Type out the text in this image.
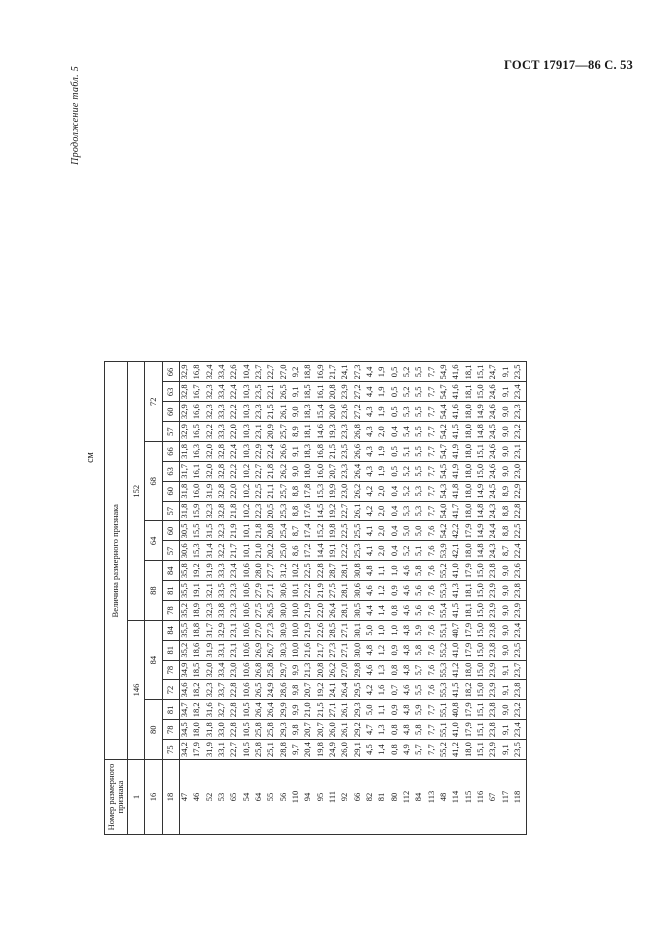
ГОСТ 17917—86 С. 53
Продолжение табл. 5
см
Номер размерного признака	Величина размерного признака																			
1	146							152												
16	80			84				88			64		68				72			
18	75	78	81	72	78	81	84	78	81	84	57	60	57	60	63	66	57	60	63	66
47	34,2	34,5	34,7	34,6	34,9	35,2	35,5	35,2	35,5	35,8	30,6	30,5	31,8	31,8	31,7	31,8	32,9	32,9	32,8	32,9
46	17,9	18,0	18,2	18,2	18,5	18,6	18,8	18,9	19,1	19,2	15,3	15,5	15,9	16,0	16,1	16,3	16,5	16,6	16,7	16,8
52	31,9	31,8	31,6	32,3	32,0	31,9	31,7	32,3	32,1	31,9	31,4	31,5	32,3	31,9	32,0	32,0	32,2	32,3	32,3	32,4
53	33,1	33,0	32,7	33,7	33,4	33,1	32,9	33,8	33,5	33,3	32,2	32,3	32,8	32,8	32,8	32,8	33,3	33,3	33,4	33,4
65	22,7	22,8	22,8	22,8	23,0	23,1	23,1	23,3	23,3	23,4	21,7	21,9	21,8	22,0	22,2	22,4	22,0	22,2	22,4	22,6
54	10,5	10,5	10,5	10,6	10,6	10,6	10,6	10,6	10,6	10,6	10,1	10,1	10,2	10,2	10,2	10,3	10,3	10,3	10,3	10,4
64	25,8	25,8	26,4	26,5	26,8	26,9	27,0	27,5	27,9	28,0	21,0	21,8	22,3	22,5	22,7	22,9	23,1	23,3	23,5	23,7
55	25,1	25,8	26,4	24,9	25,8	26,7	27,3	26,5	27,1	27,7	20,2	20,8	20,5	21,1	21,8	22,4	20,9	21,5	22,1	22,7
56	28,8	29,3	29,9	28,6	29,7	30,3	30,9	30,0	30,6	31,2	25,0	25,4	25,3	25,7	26,2	26,6	25,7	26,1	26,5	27,0
110	9,7	9,8	9,9	9,8	9,9	10,0	10,0	10,0	10,1	10,2	8,6	8,7	8,8	8,8	9,0	9,1	8,9	9,0	9,1	9,2
94	20,4	20,7	21,0	20,7	21,3	21,6	21,9	21,9	22,2	22,5	17,2	17,4	17,6	17,8	18,0	18,3	18,1	18,3	18,5	18,8
95	19,8	20,7	21,5	19,2	20,8	21,7	22,6	22,0	21,9	22,8	14,4	15,2	14,5	15,3	16,0	16,8	14,6	15,4	16,1	16,9
111	24,9	26,0	27,1	24,1	26,2	27,3	28,5	26,4	27,5	28,7	19,1	19,8	19,2	19,9	20,7	21,5	19,3	20,0	20,8	21,7
92	26,0	26,1	26,1	26,4	27,0	27,1	27,1	28,1	28,1	28,1	22,2	22,5	22,7	23,0	23,3	23,5	23,3	23,6	23,9	24,1
66	29,1	29,2	29,3	29,5	29,8	30,0	30,1	30,5	30,6	30,8	25,3	25,5	26,1	26,2	26,4	26,6	26,8	27,2	27,2	27,3
82	4,5	4,7	5,0	4,2	4,6	4,8	5,0	4,4	4,6	4,8	4,1	4,1	4,2	4,2	4,3	4,3	4,3	4,3	4,4	4,4
81	1,4	1,3	1,1	1,6	1,3	1,2	1,0	1,4	1,2	1,1	2,0	2,0	2,0	2,0	1,9	1,9	2,0	1,9	1,9	1,9
80	0,8	0,8	0,9	0,7	0,8	0,9	1,0	0,8	0,9	1,0	0,4	0,4	0,4	0,4	0,5	0,5	0,4	0,5	0,5	0,5
112	4,9	4,8	4,8	4,6	4,8	4,8	4,8	4,6	4,6	4,6	5,2	5,0	5,3	5,2	5,2	5,1	5,4	5,3	5,2	5,2
84	5,7	5,8	5,9	5,5	5,7	5,8	5,9	5,6	5,6	5,8	5,1	5,0	5,3	5,3	5,5	5,5	5,5	5,5	5,5	5,5
113	7,7	7,7	7,7	7,6	7,6	7,6	7,6	7,6	7,6	7,6	7,6	7,6	7,7	7,7	7,7	7,7	7,7	7,7	7,7	7,7
48	55,2	55,1	55,1	55,3	55,3	55,2	55,1	55,4	55,3	55,2	53,9	54,2	54,0	54,3	54,5	54,7	54,2	54,4	54,7	54,9
114	41,2	41,0	40,8	41,5	41,2	41,0	40,7	41,5	41,3	41,0	42,1	42,2	41,7	41,8	41,9	41,9	41,5	41,6	41,6	41,6
115	18,0	17,9	17,9	18,2	18,0	17,9	17,9	18,1	18,1	17,9	18,0	17,9	18,0	18,0	18,0	18,0	18,0	18,0	18,1	18,1
116	15,1	15,1	15,1	15,0	15,0	15,0	15,0	15,0	15,0	15,0	14,8	14,9	14,8	14,9	15,0	15,1	14,8	14,9	15,0	15,1
67	23,9	23,8	23,8	23,9	23,9	23,8	23,8	23,9	23,9	23,8	24,3	24,4	24,3	24,5	24,6	24,6	24,5	24,6	24,6	24,7
117	9,1	9,1	9,0	9,1	9,1	9,0	9,0	9,0	9,0	9,0	8,7	8,8	8,8	8,9	9,0	9,0	9,0	9,0	9,1	9,1
118	23,5	23,4	23,2	23,8	23,7	23,5	23,4	23,9	23,8	23,6	22,4	22,5	22,8	22,9	23,0	23,1	23,2	23,3	23,4	23,5
